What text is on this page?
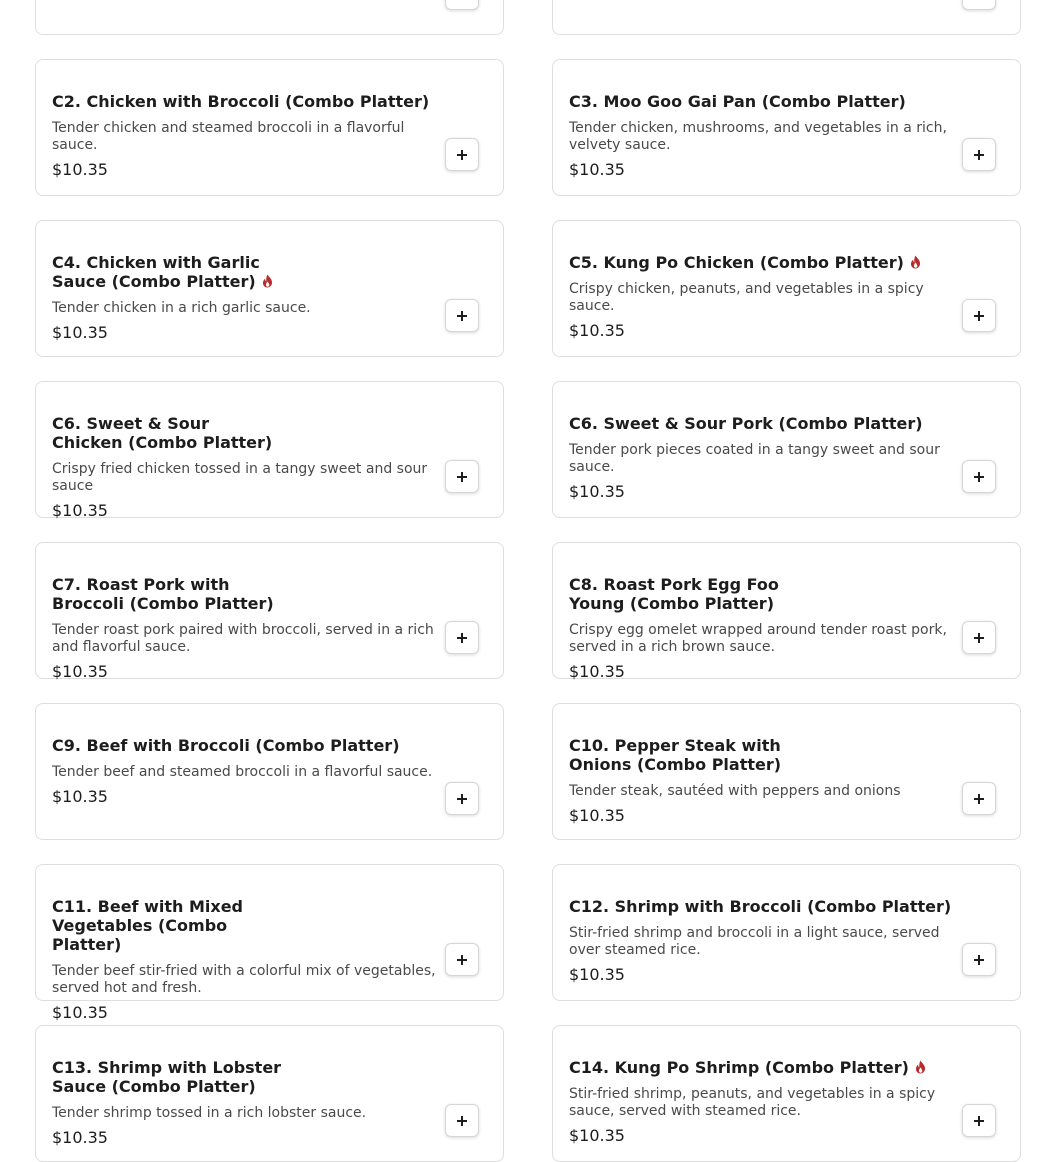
C2. Chicken with Broccoli (Combo Platter)

Tender chicken and steamed broccoli in a flavorful sauce.

$10.35

C3. Moo Goo Gai Pan (Combo Platter)

Tender chicken, mushrooms, and vegetables in a rich, velvety sauce.

$10.35

C4. Chicken with Garlic Sauce (Combo Platter)

Tender chicken in a rich garlic sauce.

$10.35

C5. Kung Po Chicken (Combo Platter)

Crispy chicken, peanuts, and vegetables in a spicy sauce.

$10.35

C6. Sweet & Sour Chicken (Combo Platter)

Crispy fried chicken tossed in a tangy sweet and sour sauce

$10.35

C6. Sweet & Sour Pork (Combo Platter)

Tender pork pieces coated in a tangy sweet and sour sauce.

$10.35

C7. Roast Pork with Broccoli (Combo Platter)

Tender roast pork paired with broccoli, served in a rich and flavorful sauce.

$10.35

C8. Roast Pork Egg Foo Young (Combo Platter)

Crispy egg omelet wrapped around tender roast pork, served in a rich brown sauce.

$10.35

C9. Beef with Broccoli (Combo Platter)

Tender beef and steamed broccoli in a flavorful sauce.

$10.35

C10. Pepper Steak with Onions (Combo Platter)

Tender steak, sautéed with peppers and onions

$10.35

C11. Beef with Mixed Vegetables (Combo Platter)

Tender beef stir-fried with a colorful mix of vegetables, served hot and fresh.

$10.35

C12. Shrimp with Broccoli (Combo Platter)

Stir-fried shrimp and broccoli in a light sauce, served over steamed rice.

$10.35

C13. Shrimp with Lobster Sauce (Combo Platter)

Tender shrimp tossed in a rich lobster sauce.

$10.35

C14. Kung Po Shrimp (Combo Platter)

Stir-fried shrimp, peanuts, and vegetables in a spicy sauce, served with steamed rice.

$10.35
